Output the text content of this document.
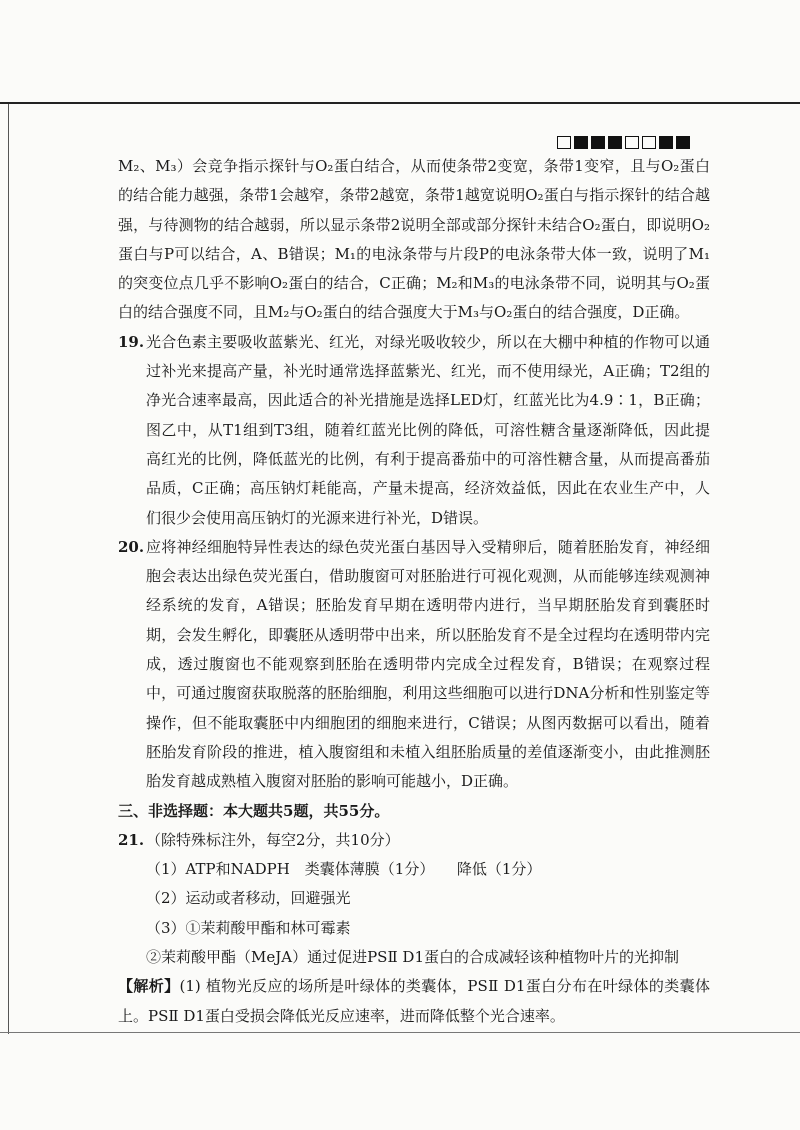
M₂、M₃）会竞争指示探针与O₂蛋白结合，从而使条带2变宽，条带1变窄，且与O₂蛋白的结合能力越强，条带1会越窄，条带2越宽，条带1越宽说明O₂蛋白与指示探针的结合越强，与待测物的结合越弱，所以显示条带2说明全部或部分探针未结合O₂蛋白，即说明O₂蛋白与P可以结合，A、B错误；M₁的电泳条带与片段P的电泳条带大体一致，说明了M₁的突变位点几乎不影响O₂蛋白的结合，C正确；M₂和M₃的电泳条带不同，说明其与O₂蛋白的结合强度不同，且M₂与O₂蛋白的结合强度大于M₃与O₂蛋白的结合强度，D正确。

19. 光合色素主要吸收蓝紫光、红光，对绿光吸收较少，所以在大棚中种植的作物可以通过补光来提高产量，补光时通常选择蓝紫光、红光，而不使用绿光，A正确；T2组的净光合速率最高，因此适合的补光措施是选择LED灯，红蓝光比为4.9∶1，B正确；图乙中，从T1组到T3组，随着红蓝光比例的降低，可溶性糖含量逐渐降低，因此提高红光的比例，降低蓝光的比例，有利于提高番茄中的可溶性糖含量，从而提高番茄品质，C正确；高压钠灯耗能高，产量未提高，经济效益低，因此在农业生产中，人们很少会使用高压钠灯的光源来进行补光，D错误。

20. 应将神经细胞特异性表达的绿色荧光蛋白基因导入受精卵后，随着胚胎发育，神经细胞会表达出绿色荧光蛋白，借助腹窗可对胚胎进行可视化观测，从而能够连续观测神经系统的发育，A错误；胚胎发育早期在透明带内进行，当早期胚胎发育到囊胚时期，会发生孵化，即囊胚从透明带中出来，所以胚胎发育不是全过程均在透明带内完成，透过腹窗也不能观察到胚胎在透明带内完成全过程发育，B错误；在观察过程中，可通过腹窗获取脱落的胚胎细胞，利用这些细胞可以进行DNA分析和性别鉴定等操作，但不能取囊胚中内细胞团的细胞来进行，C错误；从图丙数据可以看出，随着胚胎发育阶段的推进，植入腹窗组和未植入组胚胎质量的差值逐渐变小，由此推测胚胎发育越成熟植入腹窗对胚胎的影响可能越小，D正确。

三、非选择题：本大题共5题，共55分。

21. （除特殊标注外，每空2分，共10分）

（1）ATP和NADPH　类囊体薄膜（1分）　　降低（1分）

（2）运动或者移动，回避强光

（3）①茉莉酸甲酯和林可霉素

②茉莉酸甲酯（MeJA）通过促进PSⅡ D1蛋白的合成减轻该种植物叶片的光抑制

【解析】(1) 植物光反应的场所是叶绿体的类囊体，PSⅡ D1蛋白分布在叶绿体的类囊体上。PSⅡ D1蛋白受损会降低光反应速率，进而降低整个光合速率。
